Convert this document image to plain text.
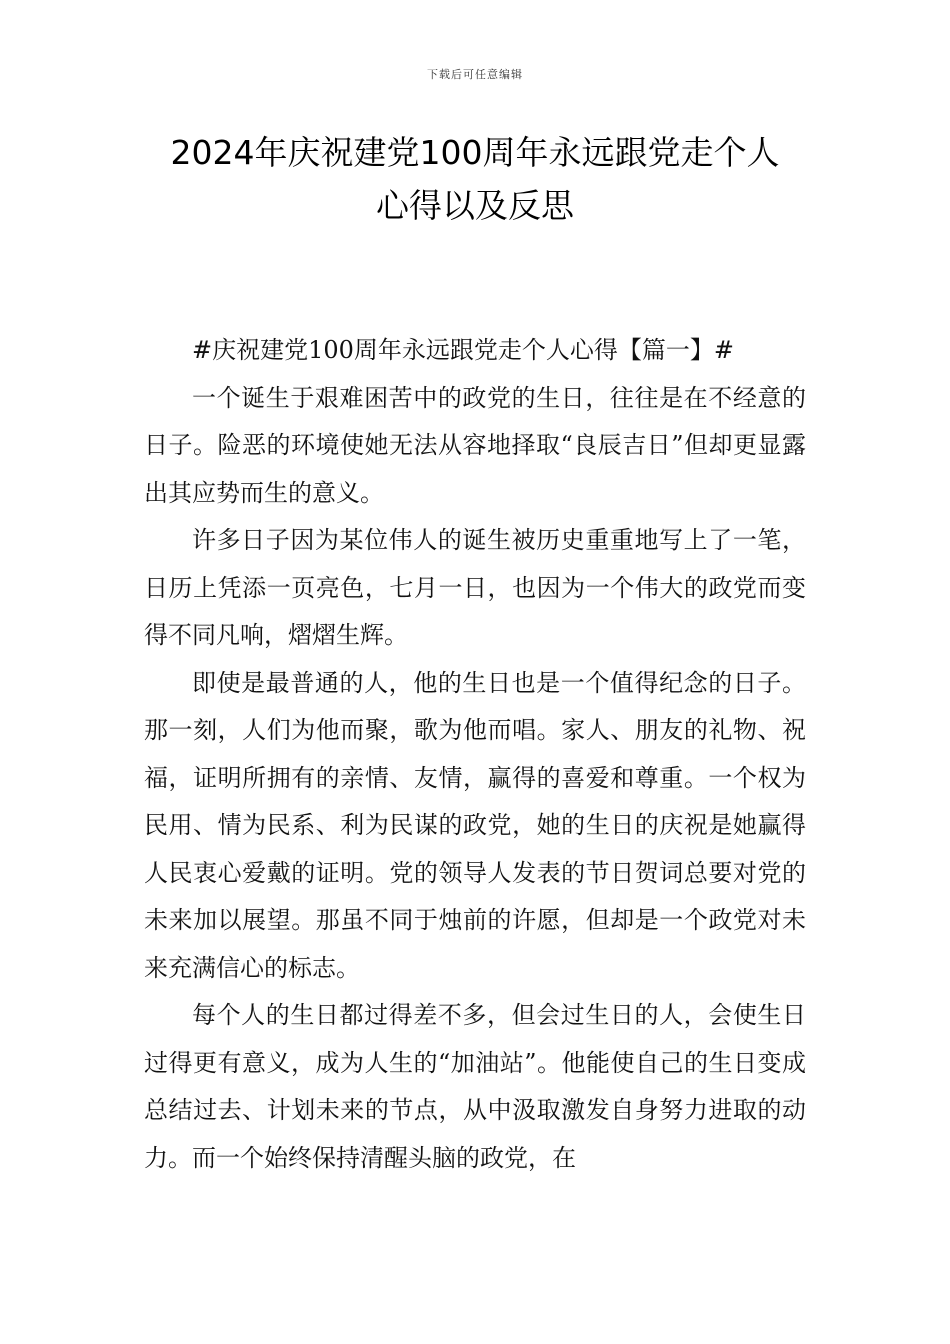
下载后可任意编辑
2024年庆祝建党100周年永远跟党走个人
心得以及反思

#庆祝建党100周年永远跟党走个人心得【篇一】#

一个诞生于艰难困苦中的政党的生日，往往是在不经意的日子。险恶的环境使她无法从容地择取“良辰吉日”但却更显露出其应势而生的意义。

许多日子因为某位伟人的诞生被历史重重地写上了一笔，日历上凭添一页亮色，七月一日，也因为一个伟大的政党而变得不同凡响，熠熠生辉。

即使是最普通的人，他的生日也是一个值得纪念的日子。那一刻，人们为他而聚，歌为他而唱。家人、朋友的礼物、祝福，证明所拥有的亲情、友情，赢得的喜爱和尊重。一个权为民用、情为民系、利为民谋的政党，她的生日的庆祝是她赢得人民衷心爱戴的证明。党的领导人发表的节日贺词总要对党的未来加以展望。那虽不同于烛前的许愿，但却是一个政党对未来充满信心的标志。

每个人的生日都过得差不多，但会过生日的人，会使生日过得更有意义，成为人生的“加油站”。他能使自己的生日变成总结过去、计划未来的节点，从中汲取激发自身努力进取的动力。而一个始终保持清醒头脑的政党，在
